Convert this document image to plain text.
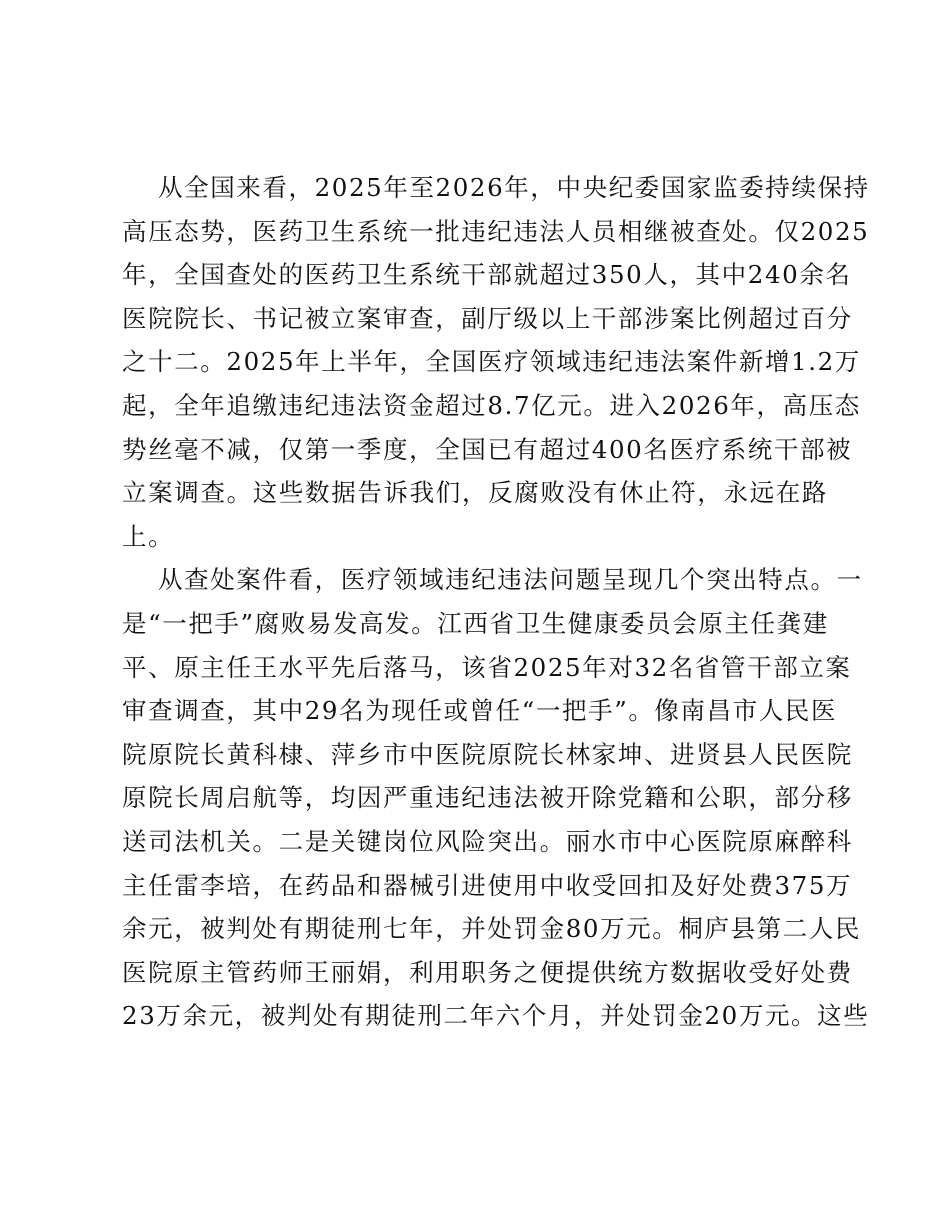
从全国来看，2025年至2026年，中央纪委国家监委持续保持
高压态势，医药卫生系统一批违纪违法人员相继被查处。仅2025
年，全国查处的医药卫生系统干部就超过350人，其中240余名
医院院长、书记被立案审查，副厅级以上干部涉案比例超过百分
之十二。2025年上半年，全国医疗领域违纪违法案件新增1.2万
起，全年追缴违纪违法资金超过8.7亿元。进入2026年，高压态
势丝毫不减，仅第一季度，全国已有超过400名医疗系统干部被
立案调查。这些数据告诉我们，反腐败没有休止符，永远在路
上。
从查处案件看，医疗领域违纪违法问题呈现几个突出特点。一
是“一把手”腐败易发高发。江西省卫生健康委员会原主任龚建
平、原主任王水平先后落马，该省2025年对32名省管干部立案
审查调查，其中29名为现任或曾任“一把手”。像南昌市人民医
院原院长黄科棣、萍乡市中医院原院长林家坤、进贤县人民医院
原院长周启航等，均因严重违纪违法被开除党籍和公职，部分移
送司法机关。二是关键岗位风险突出。丽水市中心医院原麻醉科
主任雷李培，在药品和器械引进使用中收受回扣及好处费375万
余元，被判处有期徒刑七年，并处罚金80万元。桐庐县第二人民
医院原主管药师王丽娟，利用职务之便提供统方数据收受好处费
23万余元，被判处有期徒刑二年六个月，并处罚金20万元。这些
